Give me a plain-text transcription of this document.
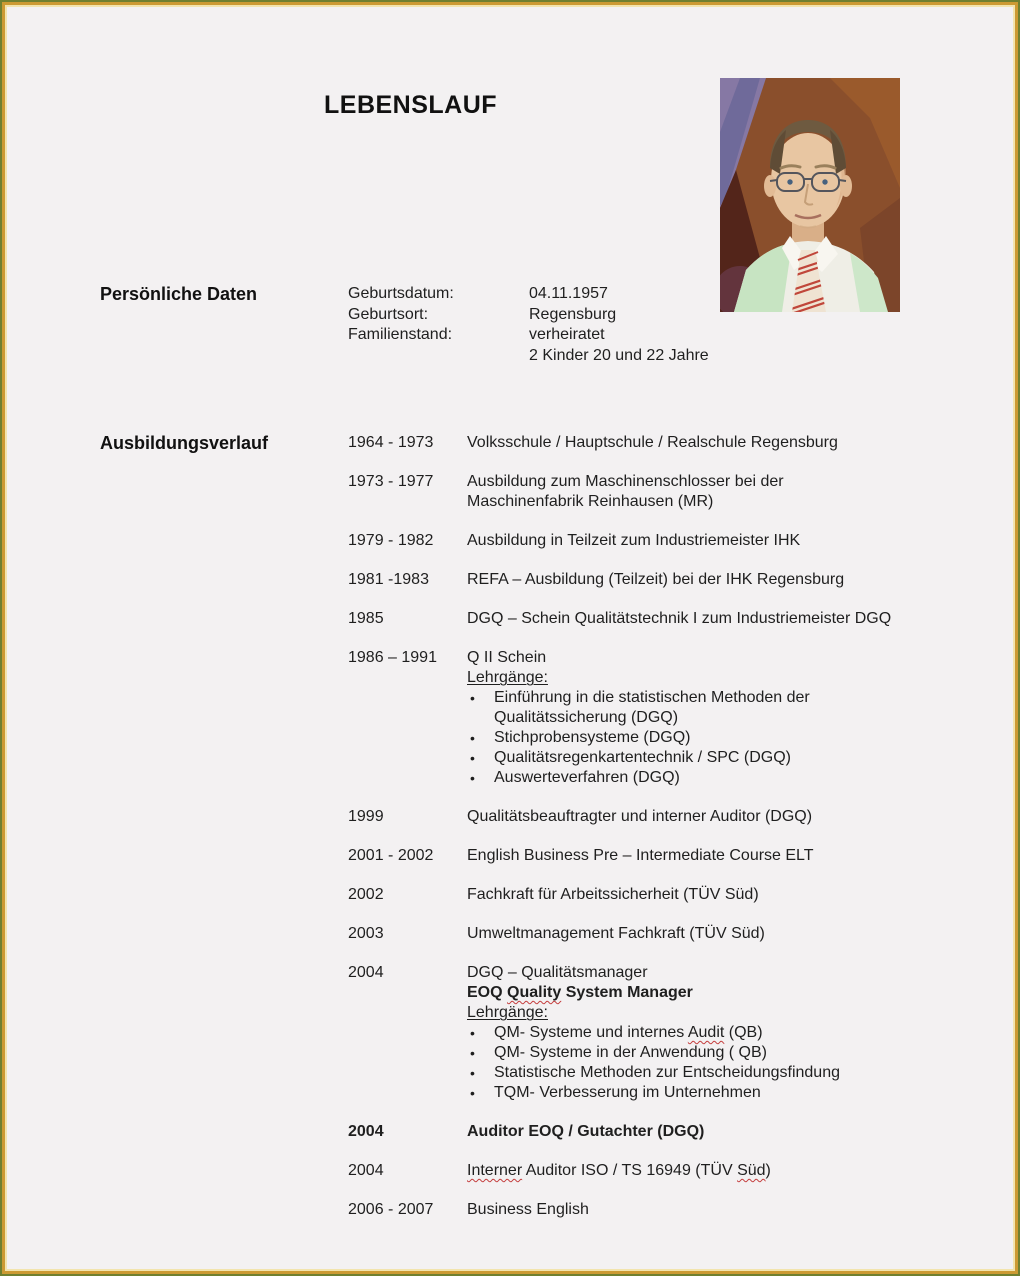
LEBENSLAUF
Persönliche Daten	Geburtsdatum:	04.11.1957
Geburtsort:	Regensburg
Familienstand:	verheiratet
2 Kinder 20 und 22 Jahre
Ausbildungsverlauf	1964 - 1973	Volksschule / Hauptschule / Realschule Regensburg
1973 - 1977	Ausbildung zum Maschinenschlosser bei der
Maschinenfabrik Reinhausen (MR)
1979 - 1982	Ausbildung in Teilzeit zum Industriemeister IHK
1981 -1983	REFA – Ausbildung (Teilzeit) bei der IHK Regensburg
1985	DGQ – Schein Qualitätstechnik I zum Industriemeister DGQ
1986 – 1991	Q II Schein
Lehrgänge:
•	Einführung in die statistischen Methoden der
Qualitätssicherung (DGQ)
•	Stichprobensysteme (DGQ)
•	Qualitätsregenkartentechnik / SPC (DGQ)
•	Auswerteverfahren (DGQ)
1999	Qualitätsbeauftragter und interner Auditor (DGQ)
2001 - 2002	English Business Pre – Intermediate Course ELT
2002	Fachkraft für Arbeitssicherheit (TÜV Süd)
2003	Umweltmanagement Fachkraft (TÜV Süd)
2004	DGQ – Qualitätsmanager
EOQ Quality System Manager
Lehrgänge:
•	QM- Systeme und internes Audit (QB)
•	QM- Systeme in der Anwendung ( QB)
•	Statistische Methoden zur Entscheidungsfindung
•	TQM- Verbesserung im Unternehmen
2004	Auditor EOQ / Gutachter (DGQ)
2004	Interner Auditor ISO / TS 16949 (TÜV Süd)
2006 - 2007	Business English
